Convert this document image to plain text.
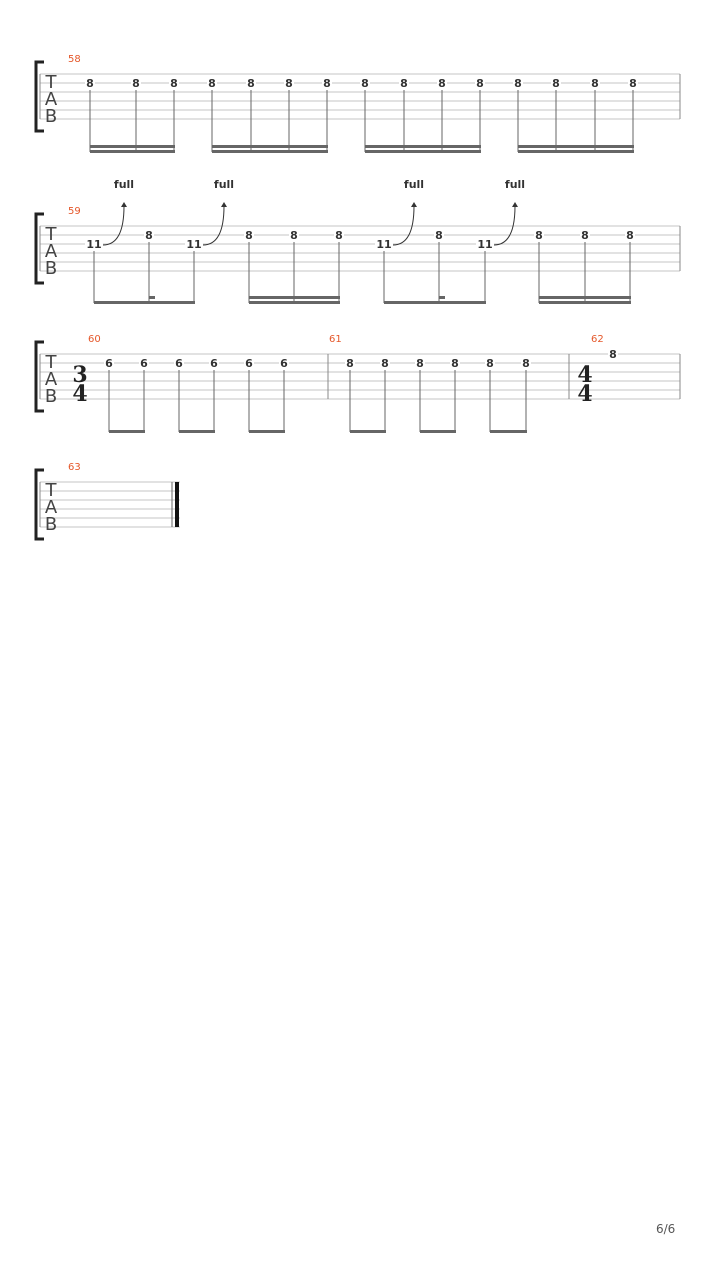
T
A
B
58
8	8	8	8	8	8	8	8	8	8	8	8	8	8	8
T
A
B
59
11
full
8
11
full
8	8	8
11
full
8
11
full
8	8	8
T
A
B
60
3
4
6 6 6 6 6 6
61
8 8 8 8 8	8
62
4
4
8
T
A
B
63
6/6
